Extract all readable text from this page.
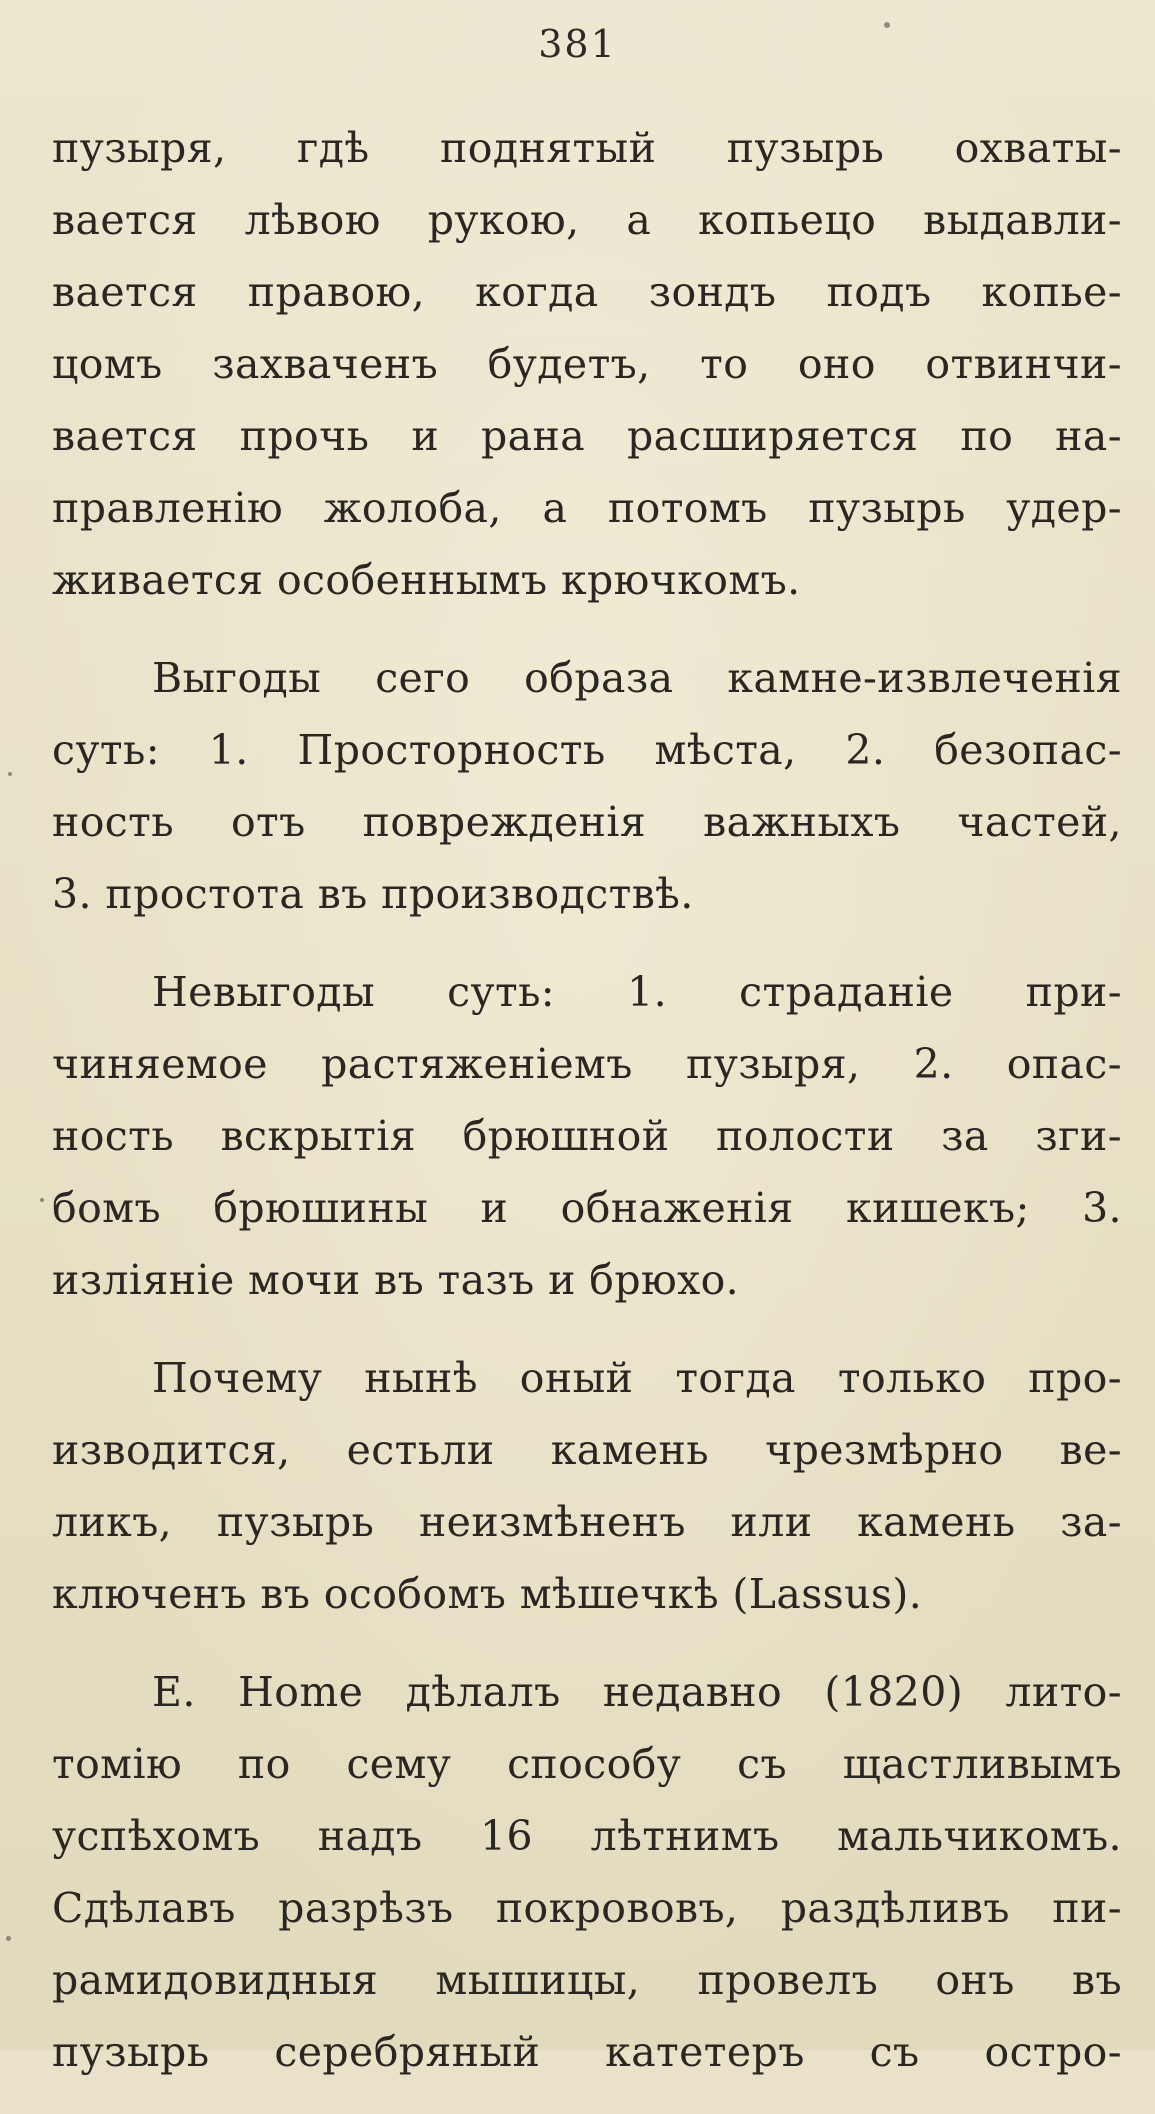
381
пузыря, гдѣ поднятый пузырь охваты-
вается лѣвою рукою, а копьецо выдавли-
вается правою, когда зондъ подъ копье-
цомъ захваченъ будетъ, то оно отвинчи-
вается прочь и рана расширяется по на-
правленію жолоба, а потомъ пузырь удер-
живается особеннымъ крючкомъ.
Выгоды сего образа камне-извлеченія
суть: 1. Просторность мѣста, 2. безопас-
ность отъ поврежденія важныхъ частей,
3. простота въ производствѣ.
Невыгоды суть: 1. страданіе при-
чиняемое растяженіемъ пузыря, 2. опас-
ность вскрытія брюшной полости за зги-
бомъ брюшины и обнаженія кишекъ; 3.
изліяніе мочи въ тазъ и брюхо.
Почему нынѣ оный тогда только про-
изводится, естьли камень чрезмѣрно ве-
ликъ, пузырь неизмѣненъ или камень за-
ключенъ въ особомъ мѣшечкѣ (Lassus).
E. Home дѣлалъ недавно (1820) лито-
томію по сему способу съ щастливымъ
успѣхомъ надъ 16 лѣтнимъ мальчикомъ.
Сдѣлавъ разрѣзъ покрововъ, раздѣливъ пи-
рамидовидныя мышицы, провелъ онъ въ
пузырь серебряный катетеръ съ остро-
